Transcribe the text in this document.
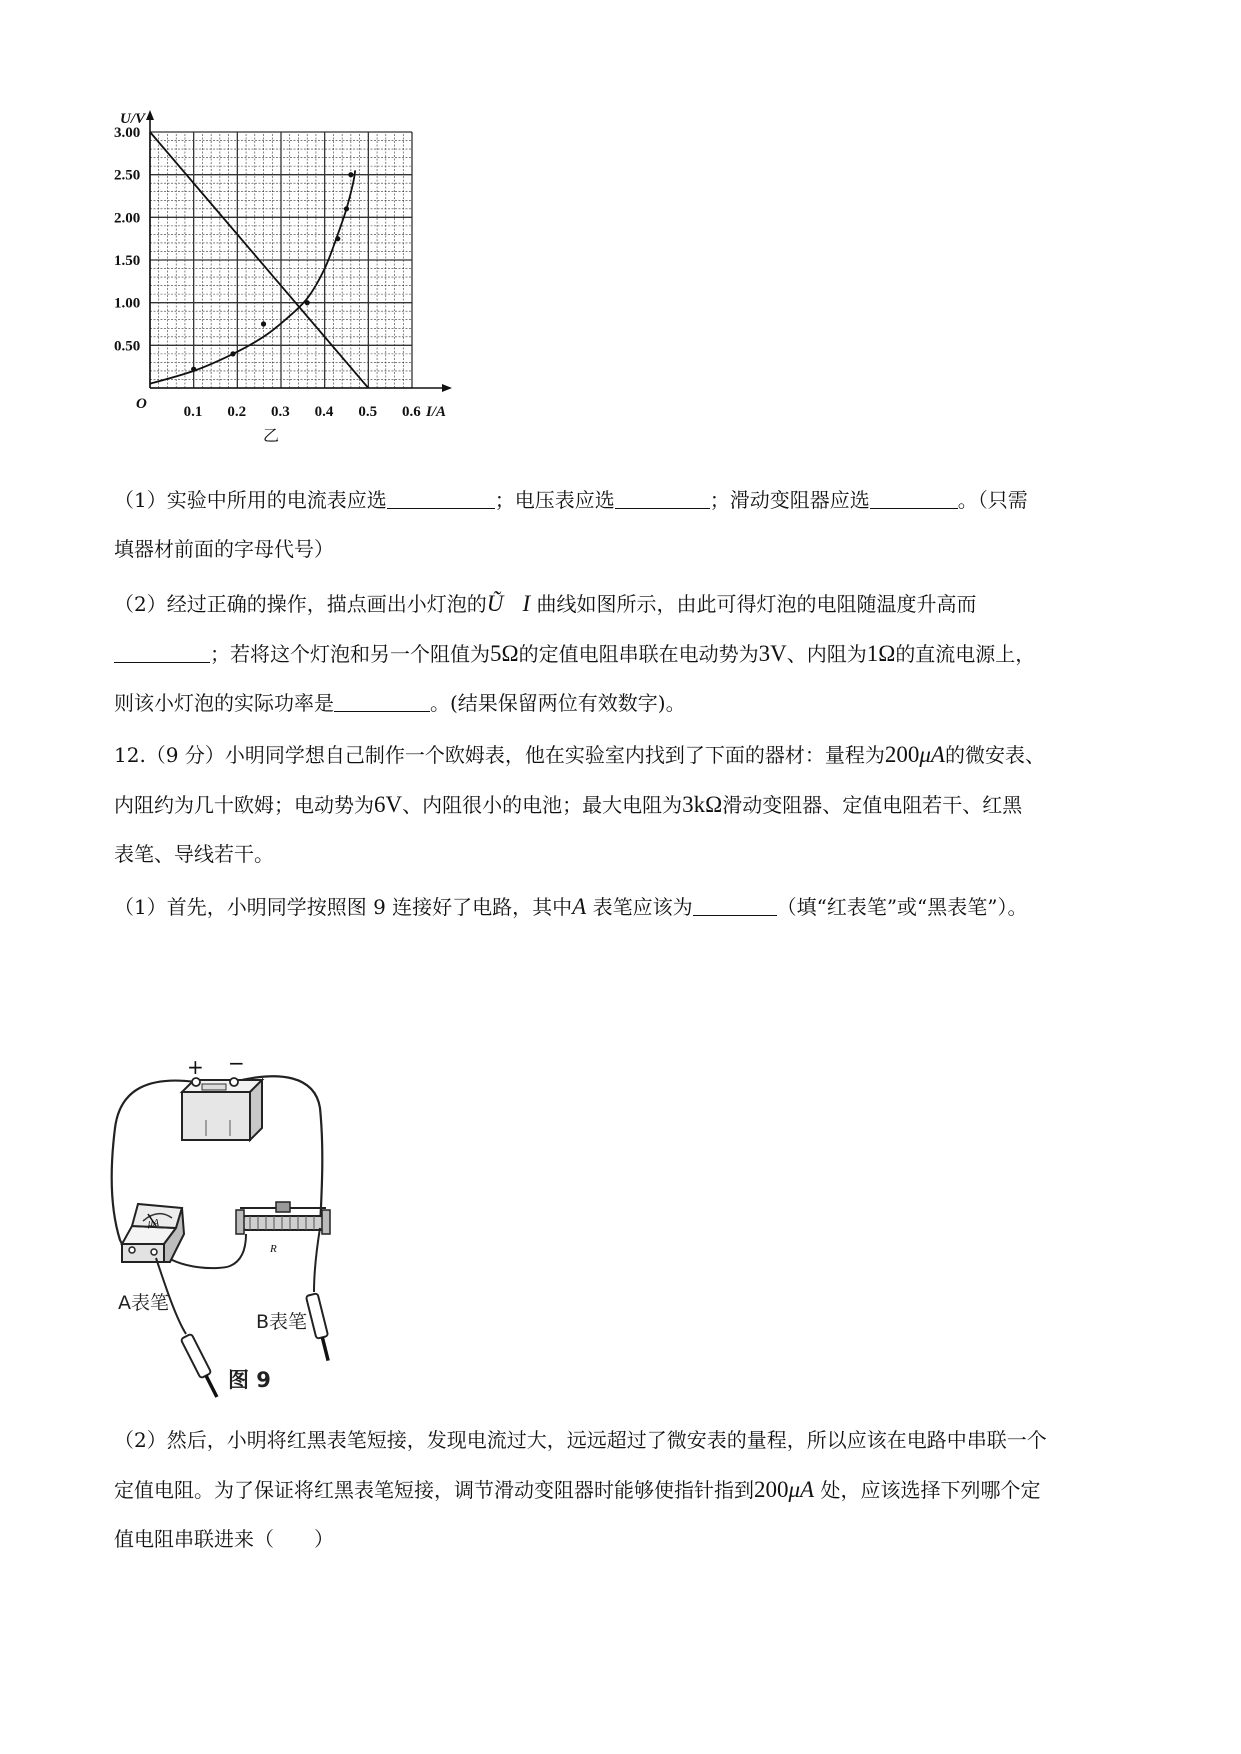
0.1 0.2 0.3 0.4 0.5 0.6
0.50
1.00
1.50
2.00
2.50
3.00
U/V
I/A
O
乙

（1）实验中所用的电流表应选	；电压表应选	；滑动变阻器应选	。（只需

填器材前面的字母代号）

（2）经过正确的操作，描点画出小灯泡的Ũ I 曲线如图所示，由此可得灯泡的电阻随温度升高而

；若将这个灯泡和另一个阻值为5Ω的定值电阻串联在电动势为3V、内阻为1Ω的直流电源上，

则该小灯泡的实际功率是	。(结果保留两位有效数字)。

12.（9 分）小明同学想自己制作一个欧姆表，他在实验室内找到了下面的器材：量程为200μA的微安表、

内阻约为几十欧姆；电动势为6V、内阻很小的电池；最大电阻为3kΩ滑动变阻器、定值电阻若干、红黑

表笔、导线若干。

（1）首先，小明同学按照图 9 连接好了电路，其中A 表笔应该为	（填“红表笔”或“黑表笔”）。

+ −
μA
R
A表笔
B表笔
图 9

（2）然后，小明将红黑表笔短接，发现电流过大，远远超过了微安表的量程，所以应该在电路中串联一个

定值电阻。为了保证将红黑表笔短接，调节滑动变阻器时能够使指针指到200μA 处，应该选择下列哪个定

值电阻串联进来（　　）
